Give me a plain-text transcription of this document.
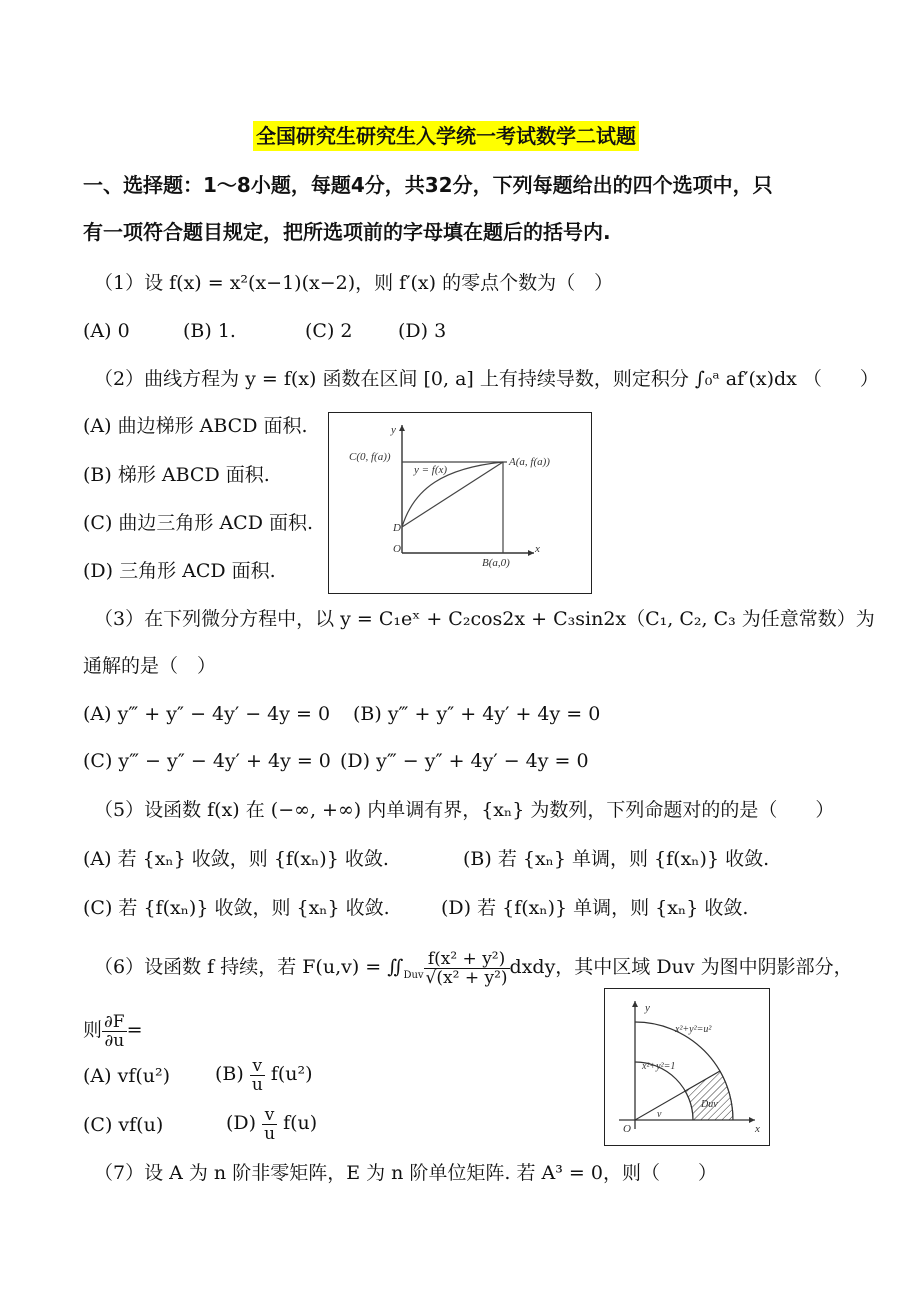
全国研究生研究生入学统一考试数学二试题
一、选择题：1～8小题，每题4分，共32分，下列每题给出的四个选项中，只
有一项符合题目规定，把所选项前的字母填在题后的括号内.
（1）设 f(x) = x²(x−1)(x−2)，则 f′(x) 的零点个数为（　）
(A) 0	(B) 1.	(C) 2 (D) 3
（2）曲线方程为 y = f(x) 函数在区间 [0, a] 上有持续导数，则定积分 ∫₀ᵃ af′(x)dx （　　）
(A) 曲边梯形 ABCD 面积.
(B) 梯形 ABCD 面积.
(C) 曲边三角形 ACD 面积.
(D) 三角形 ACD 面积.
y
x
C(0, f(a))	A(a, f(a))
y = f(x)
D
O
B(a,0)
（3）在下列微分方程中，以 y = C₁eˣ + C₂cos2x + C₃sin2x（C₁, C₂, C₃ 为任意常数）为
通解的是（　）
(A) y‴ + y″ − 4y′ − 4y = 0 (B) y‴ + y″ + 4y′ + 4y = 0
(C) y‴ − y″ − 4y′ + 4y = 0 (D) y‴ − y″ + 4y′ − 4y = 0
（5）设函数 f(x) 在 (−∞, +∞) 内单调有界，{xₙ} 为数列，下列命题对的的是（　　）
(A) 若 {xₙ} 收敛，则 {f(xₙ)} 收敛.	(B) 若 {xₙ} 单调，则 {f(xₙ)} 收敛.
(C) 若 {f(xₙ)} 收敛，则 {xₙ} 收敛.	(D) 若 {f(xₙ)} 单调，则 {xₙ} 收敛.
（6）设函数 f 持续，若 $F(u,v) = ∬_{Duv} \frac{\text{f(x² + y²)}}{\text{√(x² + y²)}}$ dxdy，其中区域 Duv 为图中阴影部分，
则 $\frac{\partial F}{\partial u}$ =
(A) vf(u²) $(B) \frac{v}{u} f(u^2)$
(C) vf(u)	$(D) \frac{v}{u} f(u)$
y
x
x²+y²=u²
x²+y²=1
Duv
v
O
（7）设 A 为 n 阶非零矩阵，E 为 n 阶单位矩阵. 若 A³ = 0，则（　　）
